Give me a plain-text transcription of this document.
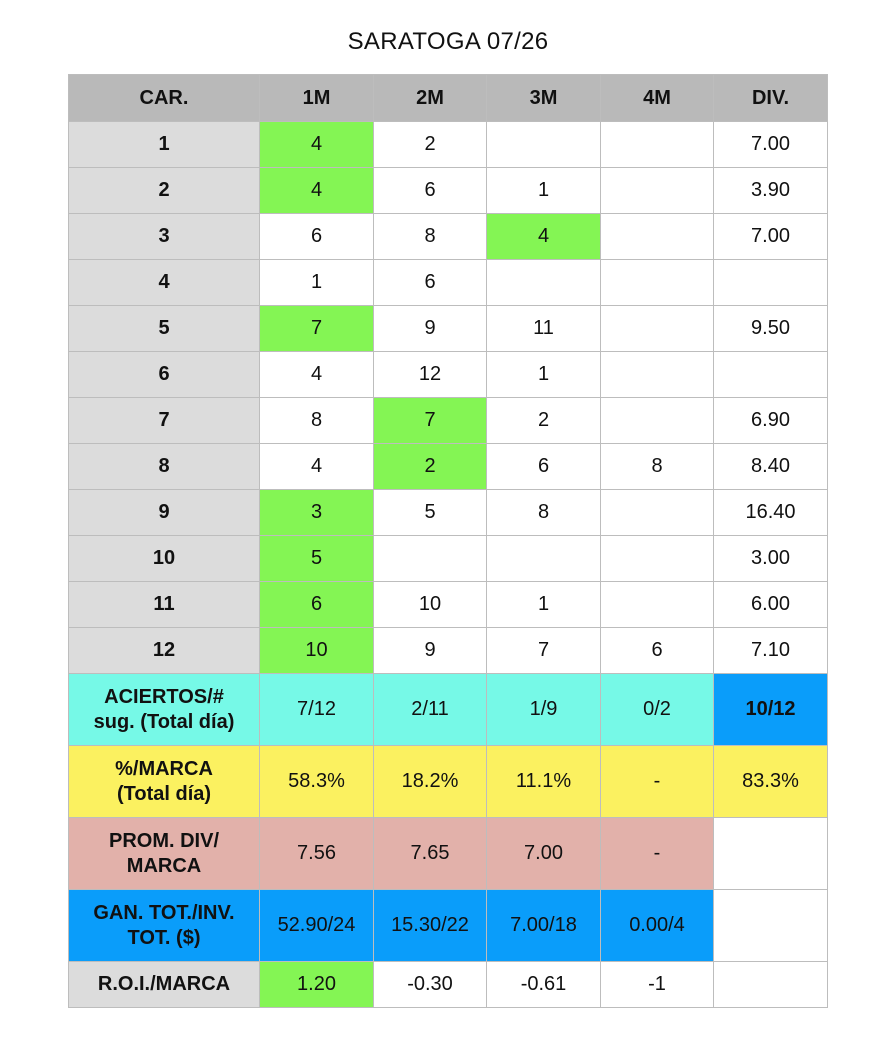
SARATOGA 07/26
CAR.	1M	2M	3M	4M	DIV.
1	4	2			7.00
2	4	6	1		3.90
3	6	8	4		7.00
4	1	6			
5	7	9	11		9.50
6	4	12	1		
7	8	7	2		6.90
8	4	2	6	8	8.40
9	3	5	8		16.40
10	5				3.00
11	6	10	1		6.00
12	10	9	7	6	7.10
ACIERTOS/#
sug. (Total día)	7/12	2/11	1/9	0/2	10/12
%/MARCA
(Total día)	58.3%	18.2%	11.1%	-	83.3%
PROM. DIV/
MARCA	7.56	7.65	7.00	-	
GAN. TOT./INV.
TOT. ($)	52.90/24	15.30/22	7.00/18	0.00/4	
R.O.I./MARCA	1.20	-0.30	-0.61	-1	
